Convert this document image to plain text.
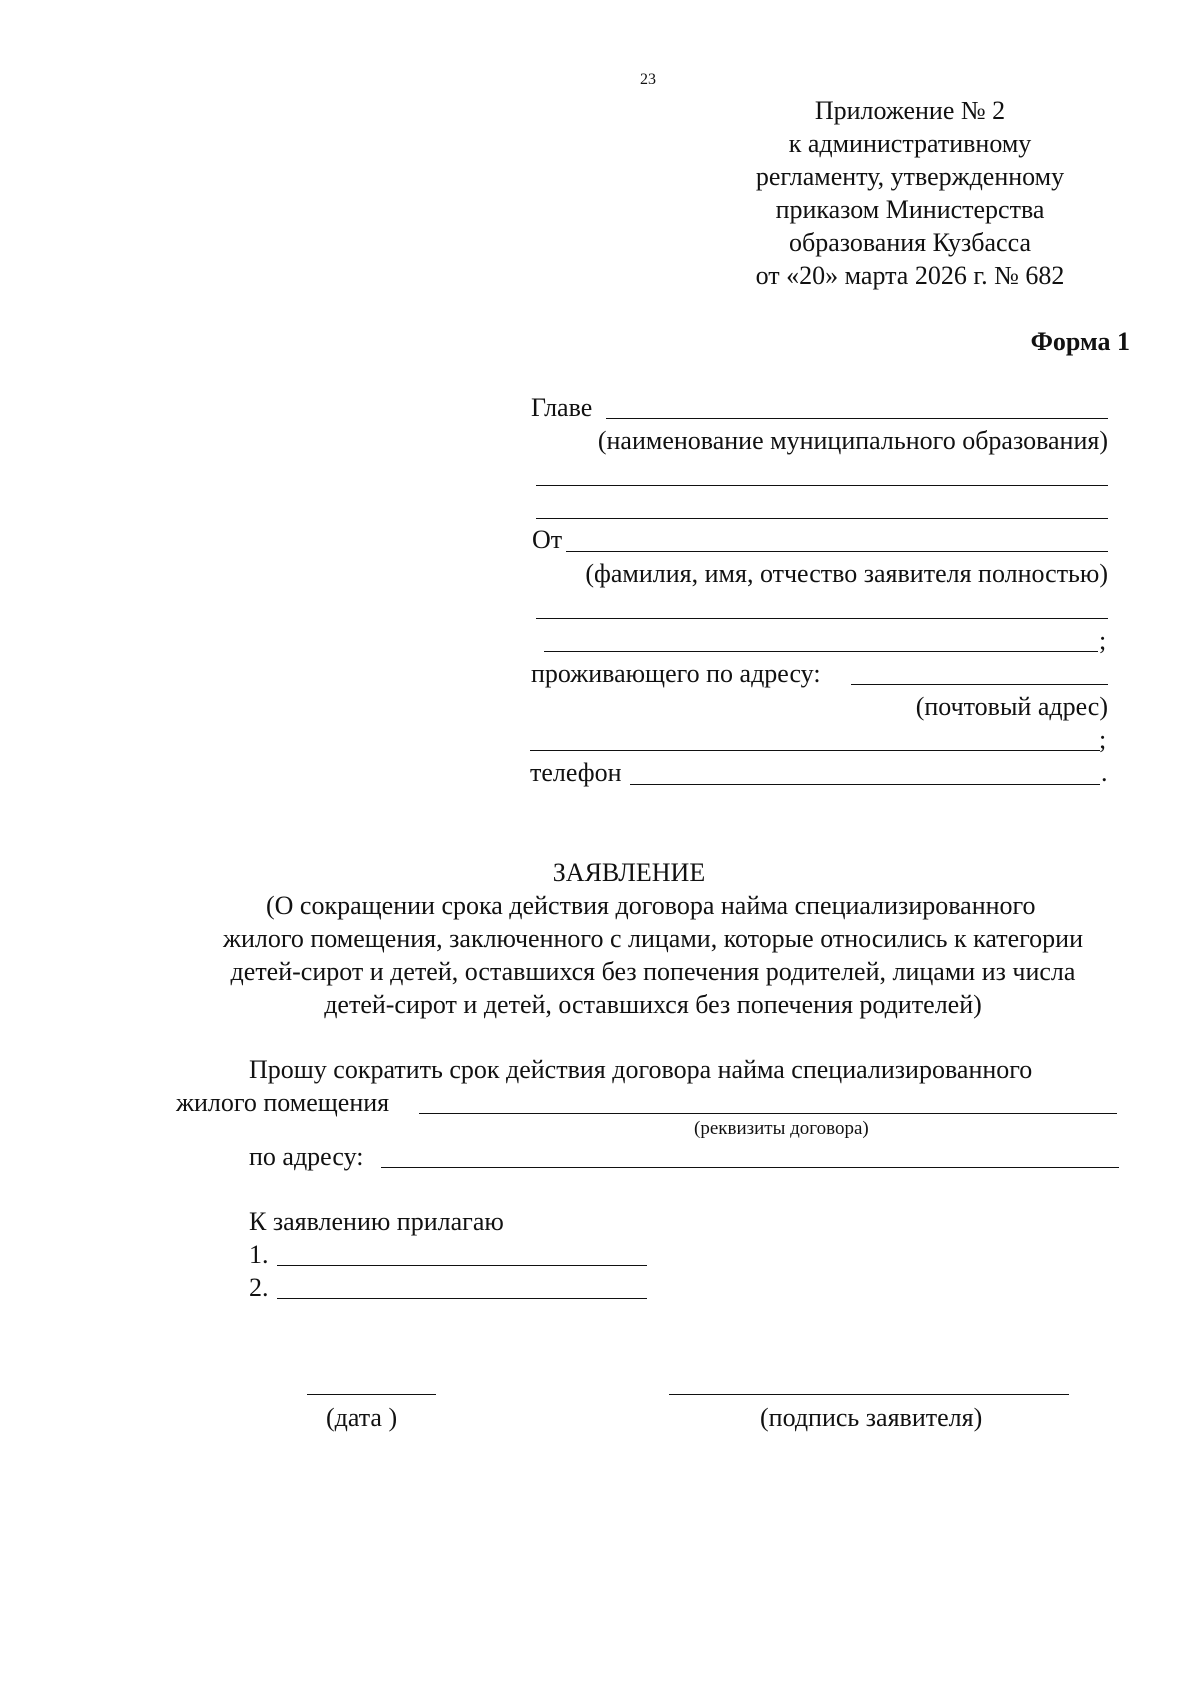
23
Приложение № 2
к административному
регламенту, утвержденному
приказом Министерства
образования Кузбасса
от «20» марта 2026 г. № 682
Форма 1
Главе
(наименование муниципального образования)
От
(фамилия, имя, отчество заявителя полностью)
;
проживающего по адресу:
(почтовый адрес)
;
телефон	.
ЗАЯВЛЕНИЕ
(О сокращении срока действия договора найма специализированного
жилого помещения, заключенного с лицами, которые относились к категории
детей-сирот и детей, оставшихся без попечения родителей, лицами из числа
детей-сирот и детей, оставшихся без попечения родителей)
Прошу сократить срок действия договора найма специализированного
жилого помещения
(реквизиты договора)
по адресу:
К заявлению прилагаю
1.
2.
(дата )	(подпись заявителя)
